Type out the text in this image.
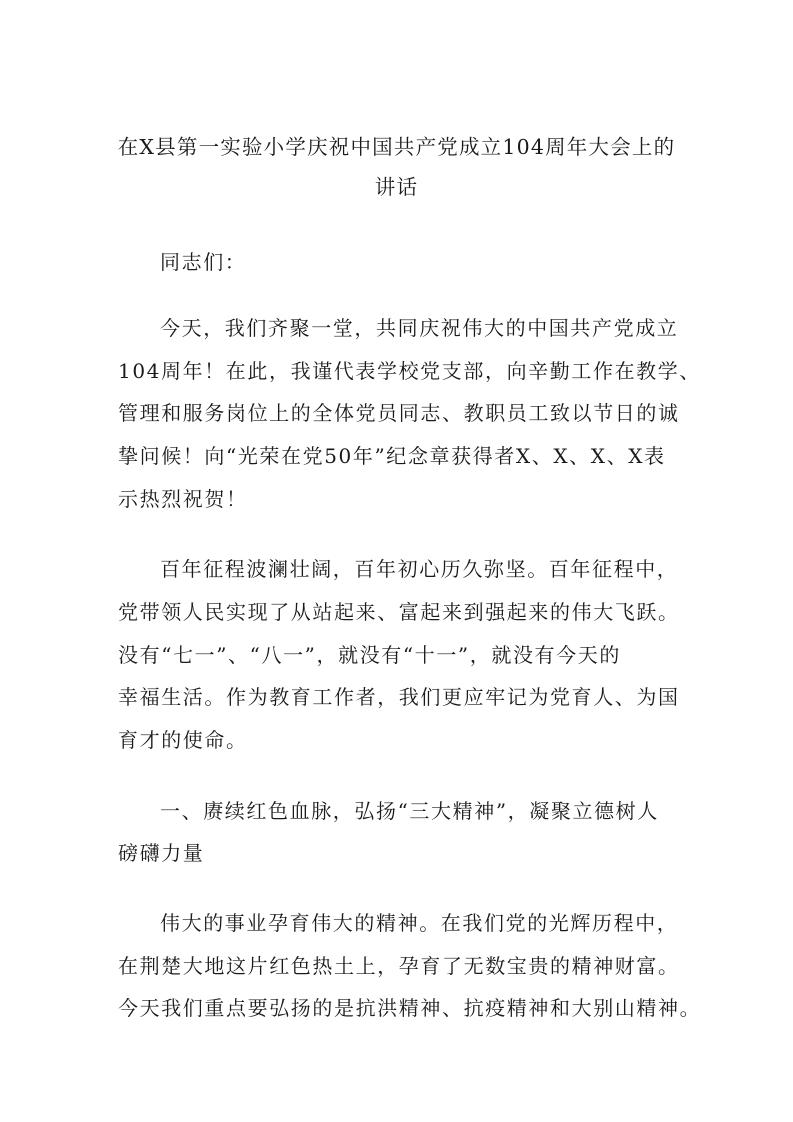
在X县第一实验小学庆祝中国共产党成立104周年大会上的
讲话
同志们：
今天，我们齐聚一堂，共同庆祝伟大的中国共产党成立
104周年！在此，我谨代表学校党支部，向辛勤工作在教学、
管理和服务岗位上的全体党员同志、教职员工致以节日的诚
挚问候！向“光荣在党50年”纪念章获得者X、X、X、X表
示热烈祝贺！
百年征程波澜壮阔，百年初心历久弥坚。百年征程中，
党带领人民实现了从站起来、富起来到强起来的伟大飞跃。
没有“七一”、“八一”，就没有“十一”，就没有今天的
幸福生活。作为教育工作者，我们更应牢记为党育人、为国
育才的使命。
一、赓续红色血脉，弘扬“三大精神”，凝聚立德树人
磅礴力量
伟大的事业孕育伟大的精神。在我们党的光辉历程中，
在荆楚大地这片红色热土上，孕育了无数宝贵的精神财富。
今天我们重点要弘扬的是抗洪精神、抗疫精神和大别山精神。
